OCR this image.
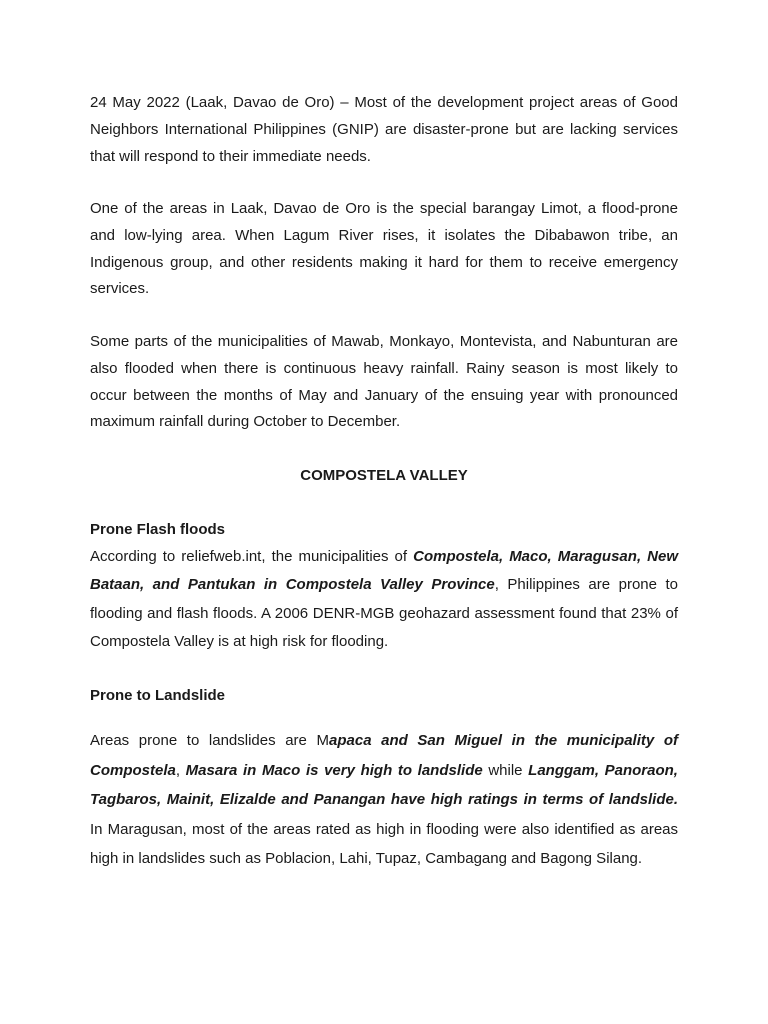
24 May 2022 (Laak, Davao de Oro) – Most of the development project areas of Good Neighbors International Philippines (GNIP) are disaster-prone but are lacking services that will respond to their immediate needs.

One of the areas in Laak, Davao de Oro is the special barangay Limot, a flood-prone and low-lying area. When Lagum River rises, it isolates the Dibabawon tribe, an Indigenous group, and other residents making it hard for them to receive emergency services.

Some parts of the municipalities of Mawab, Monkayo, Montevista, and Nabunturan are also flooded when there is continuous heavy rainfall. Rainy season is most likely to occur between the months of May and January of the ensuing year with pronounced maximum rainfall during October to December.

COMPOSTELA VALLEY
Prone Flash floods

According to reliefweb.int, the municipalities of Compostela, Maco, Maragusan, New Bataan, and Pantukan in Compostela Valley Province, Philippines are prone to flooding and flash floods. A 2006 DENR-MGB geohazard assessment found that 23% of Compostela Valley is at high risk for flooding.

Prone to Landslide

Areas prone to landslides are Mapaca and San Miguel in the municipality of Compostela, Masara in Maco is very high to landslide while Langgam, Panoraon, Tagbaros, Mainit, Elizalde and Panangan have high ratings in terms of landslide. In Maragusan, most of the areas rated as high in flooding were also identified as areas high in landslides such as Poblacion, Lahi, Tupaz, Cambagang and Bagong Silang.
